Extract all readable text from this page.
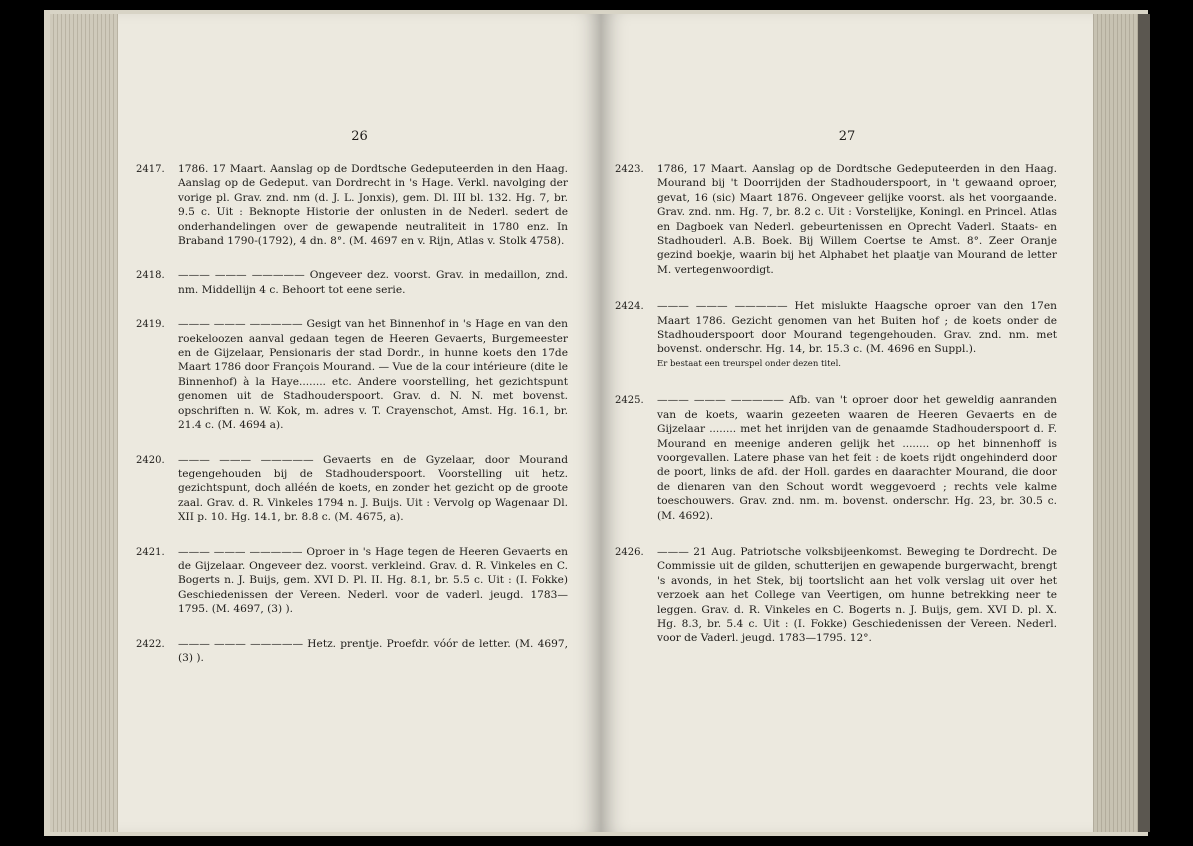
26
2417. 1786. 17 Maart. Aanslag op de Dordtsche Gedeputeerden in den Haag. Aanslag op de Gedeput. van Dordrecht in 's Hage. Verkl. navolging der vorige pl. Grav. znd. nm (d. J. L. Jonxis), gem. Dl. III bl. 132. Hg. 7, br. 9.5 c. Uit : Beknopte Historie der onlusten in de Nederl. sedert de onderhandelingen over de gewapende neutraliteit in 1780 enz. In Braband 1790-(1792), 4 dn. 8°. (M. 4697 en v. Rijn, Atlas v. Stolk 4758).
2418. ——— ——— ————— Ongeveer dez. voorst. Grav. in medaillon, znd. nm. Middellijn 4 c. Behoort tot eene serie.
2419. ——— ——— ————— Gesigt van het Binnenhof in 's Hage en van den roekeloozen aanval gedaan tegen de Heeren Gevaerts, Burgemeester en de Gijzelaar, Pensionaris der stad Dordr., in hunne koets den 17de Maart 1786 door François Mourand. — Vue de la cour intérieure (dite le Binnenhof) à la Haye........ etc. Andere voorstelling, het gezichtspunt genomen uit de Stadhouderspoort. Grav. d. N. N. met bovenst. opschriften n. W. Kok, m. adres v. T. Crayenschot, Amst. Hg. 16.1, br. 21.4 c. (M. 4694 a).
2420. ——— ——— ————— Gevaerts en de Gyzelaar, door Mourand tegengehouden bij de Stadhouderspoort. Voorstelling uit hetz. gezichtspunt, doch alléén de koets, en zonder het gezicht op de groote zaal. Grav. d. R. Vinkeles 1794 n. J. Buijs. Uit : Vervolg op Wagenaar Dl. XII p. 10. Hg. 14.1, br. 8.8 c. (M. 4675, a).
2421. ——— ——— ————— Oproer in 's Hage tegen de Heeren Gevaerts en de Gijzelaar. Ongeveer dez. voorst. verkleind. Grav. d. R. Vinkeles en C. Bogerts n. J. Buijs, gem. XVI D. Pl. II. Hg. 8.1, br. 5.5 c. Uit : (I. Fokke) Geschiedenissen der Vereen. Nederl. voor de vaderl. jeugd. 1783—1795. (M. 4697, (3) ).
2422. ——— ——— ————— Hetz. prentje. Proefdr. vóór de letter. (M. 4697, (3) ).
27
2423. 1786, 17 Maart. Aanslag op de Dordtsche Gedeputeerden in den Haag. Mourand bij 't Doorrijden der Stadhouderspoort, in 't gewaand oproer, gevat, 16 (sic) Maart 1876. Ongeveer gelijke voorst. als het voorgaande. Grav. znd. nm. Hg. 7, br. 8.2 c. Uit : Vorstelijke, Koningl. en Princel. Atlas en Dagboek van Nederl. gebeurtenissen en Oprecht Vaderl. Staats- en Stadhouderl. A.B. Boek. Bij Willem Coertse te Amst. 8°. Zeer Oranje gezind boekje, waarin bij het Alphabet het plaatje van Mourand de letter M. vertegenwoordigt.
2424. ——— ——— ————— Het mislukte Haagsche oproer van den 17en Maart 1786. Gezicht genomen van het Buiten hof ; de koets onder de Stadhouderspoort door Mourand tegengehouden. Grav. znd. nm. met bovenst. onderschr. Hg. 14, br. 15.3 c. (M. 4696 en Suppl.).
Er bestaat een treurspel onder dezen titel.
2425. ——— ——— ————— Afb. van 't oproer door het geweldig aanranden van de koets, waarin gezeeten waaren de Heeren Gevaerts en de Gijzelaar ........ met het inrijden van de genaamde Stadhouderspoort d. F. Mourand en meenige anderen gelijk het ........ op het binnenhoff is voorgevallen. Latere phase van het feit : de koets rijdt ongehinderd door de poort, links de afd. der Holl. gardes en daarachter Mourand, die door de dienaren van den Schout wordt weggevoerd ; rechts vele kalme toeschouwers. Grav. znd. nm. m. bovenst. onderschr. Hg. 23, br. 30.5 c. (M. 4692).
2426. ——— 21 Aug. Patriotsche volksbijeenkomst. Beweging te Dordrecht. De Commissie uit de gilden, schutterijen en gewapende burgerwacht, brengt 's avonds, in het Stek, bij toortslicht aan het volk verslag uit over het verzoek aan het College van Veertigen, om hunne betrekking neer te leggen. Grav. d. R. Vinkeles en C. Bogerts n. J. Buijs, gem. XVI D. pl. X. Hg. 8.3, br. 5.4 c. Uit : (I. Fokke) Geschiedenissen der Vereen. Nederl. voor de Vaderl. jeugd. 1783—1795. 12°.
